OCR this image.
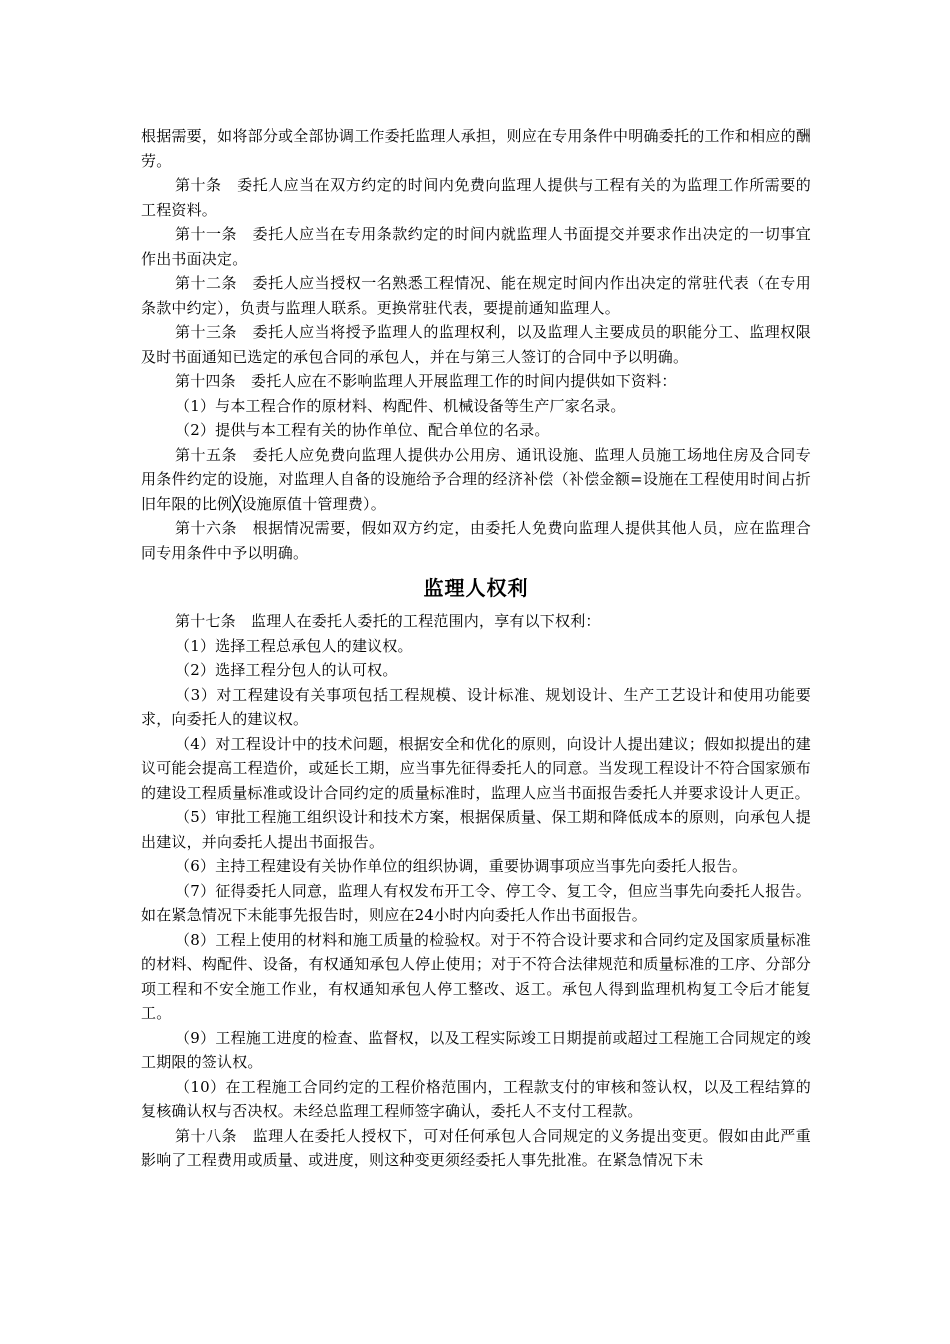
根据需要，如将部分或全部协调工作委托监理人承担，则应在专用条件中明确委托的工作和相应的酬劳。

第十条　委托人应当在双方约定的时间内免费向监理人提供与工程有关的为监理工作所需要的工程资料。

第十一条　委托人应当在专用条款约定的时间内就监理人书面提交并要求作出决定的一切事宜作出书面决定。

第十二条　委托人应当授权一名熟悉工程情况、能在规定时间内作出决定的常驻代表（在专用条款中约定），负责与监理人联系。更换常驻代表，要提前通知监理人。

第十三条　委托人应当将授予监理人的监理权利，以及监理人主要成员的职能分工、监理权限及时书面通知已选定的承包合同的承包人，并在与第三人签订的合同中予以明确。

第十四条　委托人应在不影响监理人开展监理工作的时间内提供如下资料：

（1）与本工程合作的原材料、构配件、机械设备等生产厂家名录。

（2）提供与本工程有关的协作单位、配合单位的名录。

第十五条　委托人应免费向监理人提供办公用房、通讯设施、监理人员施工场地住房及合同专用条件约定的设施，对监理人自备的设施给予合理的经济补偿（补偿金额=设施在工程使用时间占折旧年限的比例╳设施原值十管理费）。

第十六条　根据情况需要，假如双方约定，由委托人免费向监理人提供其他人员，应在监理合同专用条件中予以明确。

监理人权利

第十七条　监理人在委托人委托的工程范围内，享有以下权利：

（1）选择工程总承包人的建议权。

（2）选择工程分包人的认可权。

（3）对工程建设有关事项包括工程规模、设计标准、规划设计、生产工艺设计和使用功能要求，向委托人的建议权。

（4）对工程设计中的技术问题，根据安全和优化的原则，向设计人提出建议；假如拟提出的建议可能会提高工程造价，或延长工期，应当事先征得委托人的同意。当发现工程设计不符合国家颁布的建设工程质量标准或设计合同约定的质量标准时，监理人应当书面报告委托人并要求设计人更正。

（5）审批工程施工组织设计和技术方案，根据保质量、保工期和降低成本的原则，向承包人提出建议，并向委托人提出书面报告。

（6）主持工程建设有关协作单位的组织协调，重要协调事项应当事先向委托人报告。

（7）征得委托人同意，监理人有权发布开工令、停工令、复工令，但应当事先向委托人报告。如在紧急情况下未能事先报告时，则应在24小时内向委托人作出书面报告。

（8）工程上使用的材料和施工质量的检验权。对于不符合设计要求和合同约定及国家质量标准的材料、构配件、设备，有权通知承包人停止使用；对于不符合法律规范和质量标准的工序、分部分项工程和不安全施工作业，有权通知承包人停工整改、返工。承包人得到监理机构复工令后才能复工。

（9）工程施工进度的检查、监督权，以及工程实际竣工日期提前或超过工程施工合同规定的竣工期限的签认权。

（10）在工程施工合同约定的工程价格范围内，工程款支付的审核和签认权，以及工程结算的复核确认权与否决权。未经总监理工程师签字确认，委托人不支付工程款。

第十八条　监理人在委托人授权下，可对任何承包人合同规定的义务提出变更。假如由此严重影响了工程费用或质量、或进度，则这种变更须经委托人事先批准。在紧急情况下未
